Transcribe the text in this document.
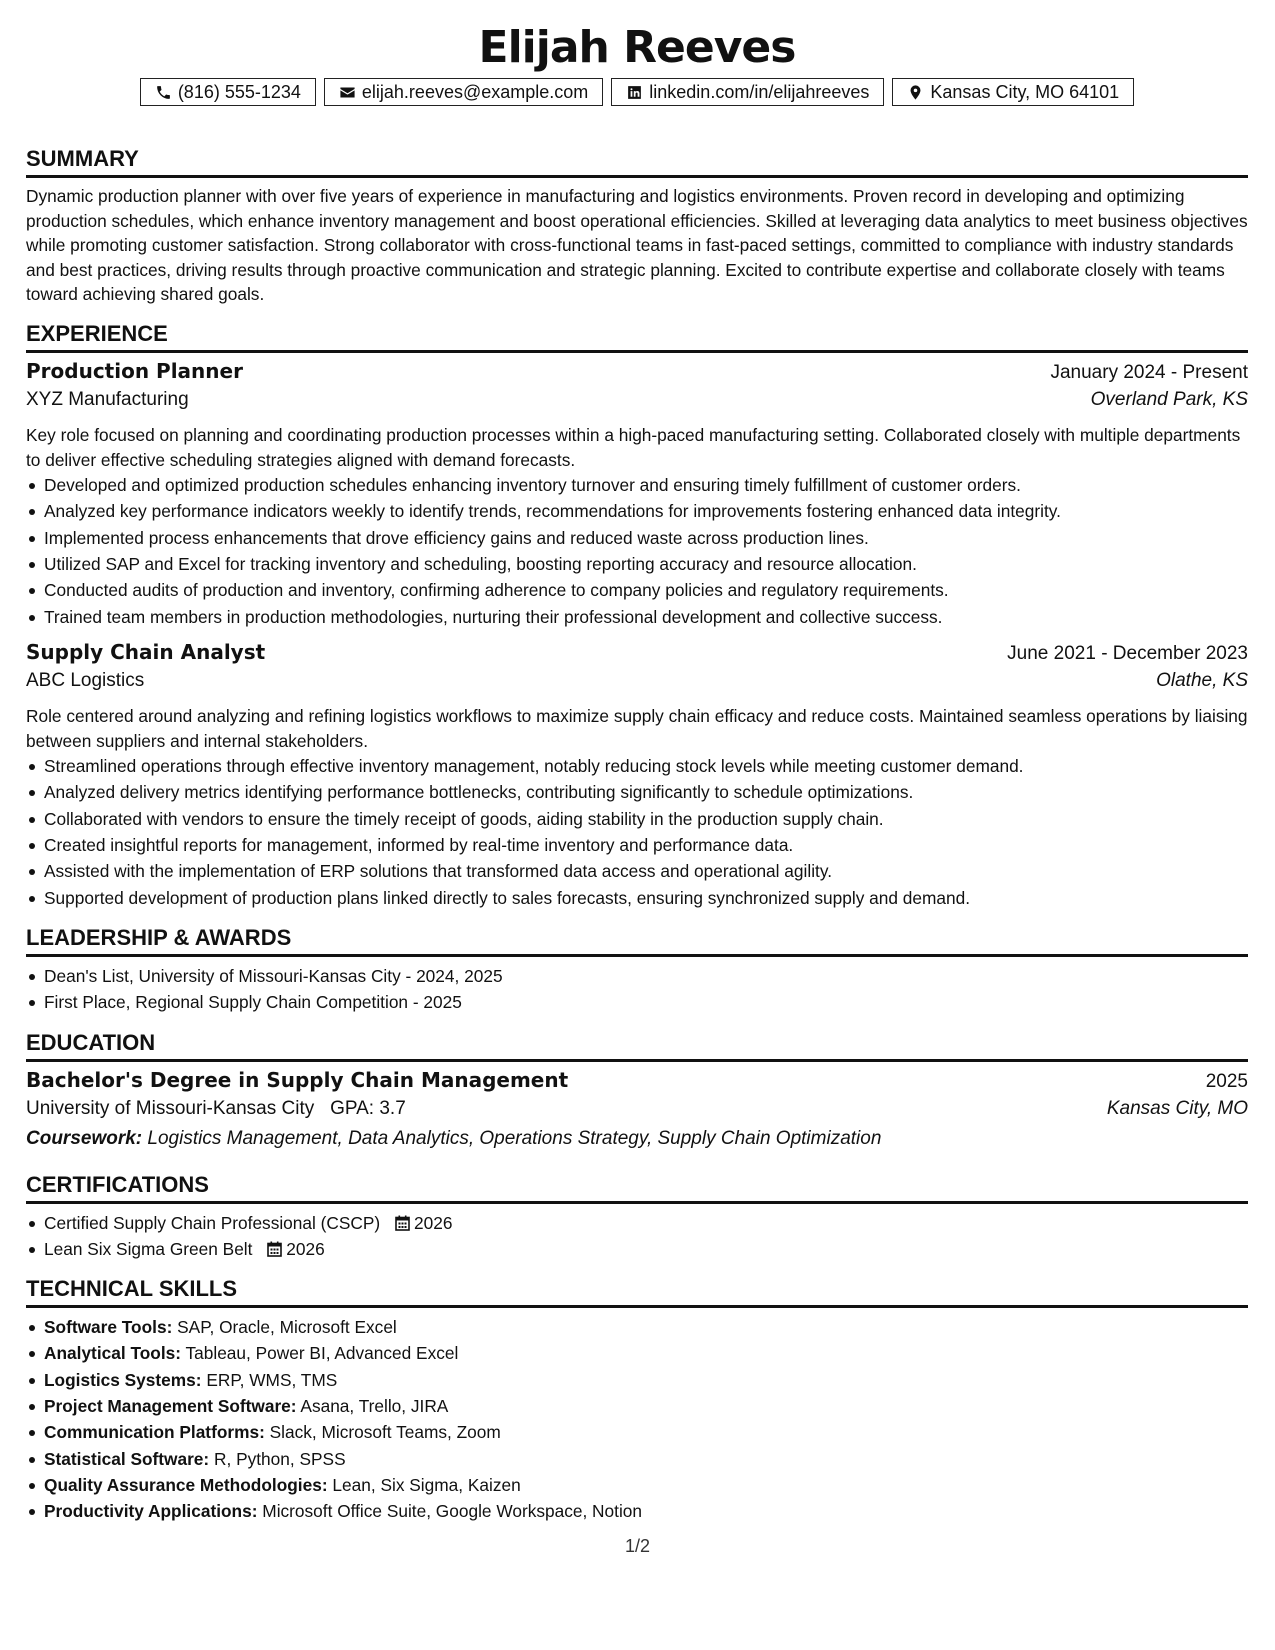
Elijah Reeves
(816) 555-1234	elijah.reeves@example.com	linkedin.com/in/elijahreeves	Kansas City, MO 64101
SUMMARY

Dynamic production planner with over five years of experience in manufacturing and logistics environments. Proven record in developing and optimizing production schedules, which enhance inventory management and boost operational efficiencies. Skilled at leveraging data analytics to meet business objectives while promoting customer satisfaction. Strong collaborator with cross-functional teams in fast-paced settings, committed to compliance with industry standards and best practices, driving results through proactive communication and strategic planning. Excited to contribute expertise and collaborate closely with teams toward achieving shared goals.

EXPERIENCE
Production Planner	January 2024 - Present
XYZ Manufacturing	Overland Park, KS

Key role focused on planning and coordinating production processes within a high-paced manufacturing setting. Collaborated closely with multiple departments to deliver effective scheduling strategies aligned with demand forecasts.

Developed and optimized production schedules enhancing inventory turnover and ensuring timely fulfillment of customer orders.
Analyzed key performance indicators weekly to identify trends, recommendations for improvements fostering enhanced data integrity.
Implemented process enhancements that drove efficiency gains and reduced waste across production lines.
Utilized SAP and Excel for tracking inventory and scheduling, boosting reporting accuracy and resource allocation.
Conducted audits of production and inventory, confirming adherence to company policies and regulatory requirements.
Trained team members in production methodologies, nurturing their professional development and collective success.
Supply Chain Analyst	June 2021 - December 2023
ABC Logistics	Olathe, KS

Role centered around analyzing and refining logistics workflows to maximize supply chain efficacy and reduce costs. Maintained seamless operations by liaising between suppliers and internal stakeholders.

Streamlined operations through effective inventory management, notably reducing stock levels while meeting customer demand.
Analyzed delivery metrics identifying performance bottlenecks, contributing significantly to schedule optimizations.
Collaborated with vendors to ensure the timely receipt of goods, aiding stability in the production supply chain.
Created insightful reports for management, informed by real-time inventory and performance data.
Assisted with the implementation of ERP solutions that transformed data access and operational agility.
Supported development of production plans linked directly to sales forecasts, ensuring synchronized supply and demand.
LEADERSHIP & AWARDS
Dean's List, University of Missouri-Kansas City - 2024, 2025
First Place, Regional Supply Chain Competition - 2025
EDUCATION
Bachelor's Degree in Supply Chain Management	2025
University of Missouri-Kansas City GPA: 3.7	Kansas City, MO
Coursework: Logistics Management, Data Analytics, Operations Strategy, Supply Chain Optimization
CERTIFICATIONS
Certified Supply Chain Professional (CSCP) 2026
Lean Six Sigma Green Belt 2026
TECHNICAL SKILLS
Software Tools: SAP, Oracle, Microsoft Excel
Analytical Tools: Tableau, Power BI, Advanced Excel
Logistics Systems: ERP, WMS, TMS
Project Management Software: Asana, Trello, JIRA
Communication Platforms: Slack, Microsoft Teams, Zoom
Statistical Software: R, Python, SPSS
Quality Assurance Methodologies: Lean, Six Sigma, Kaizen
Productivity Applications: Microsoft Office Suite, Google Workspace, Notion
1/2
